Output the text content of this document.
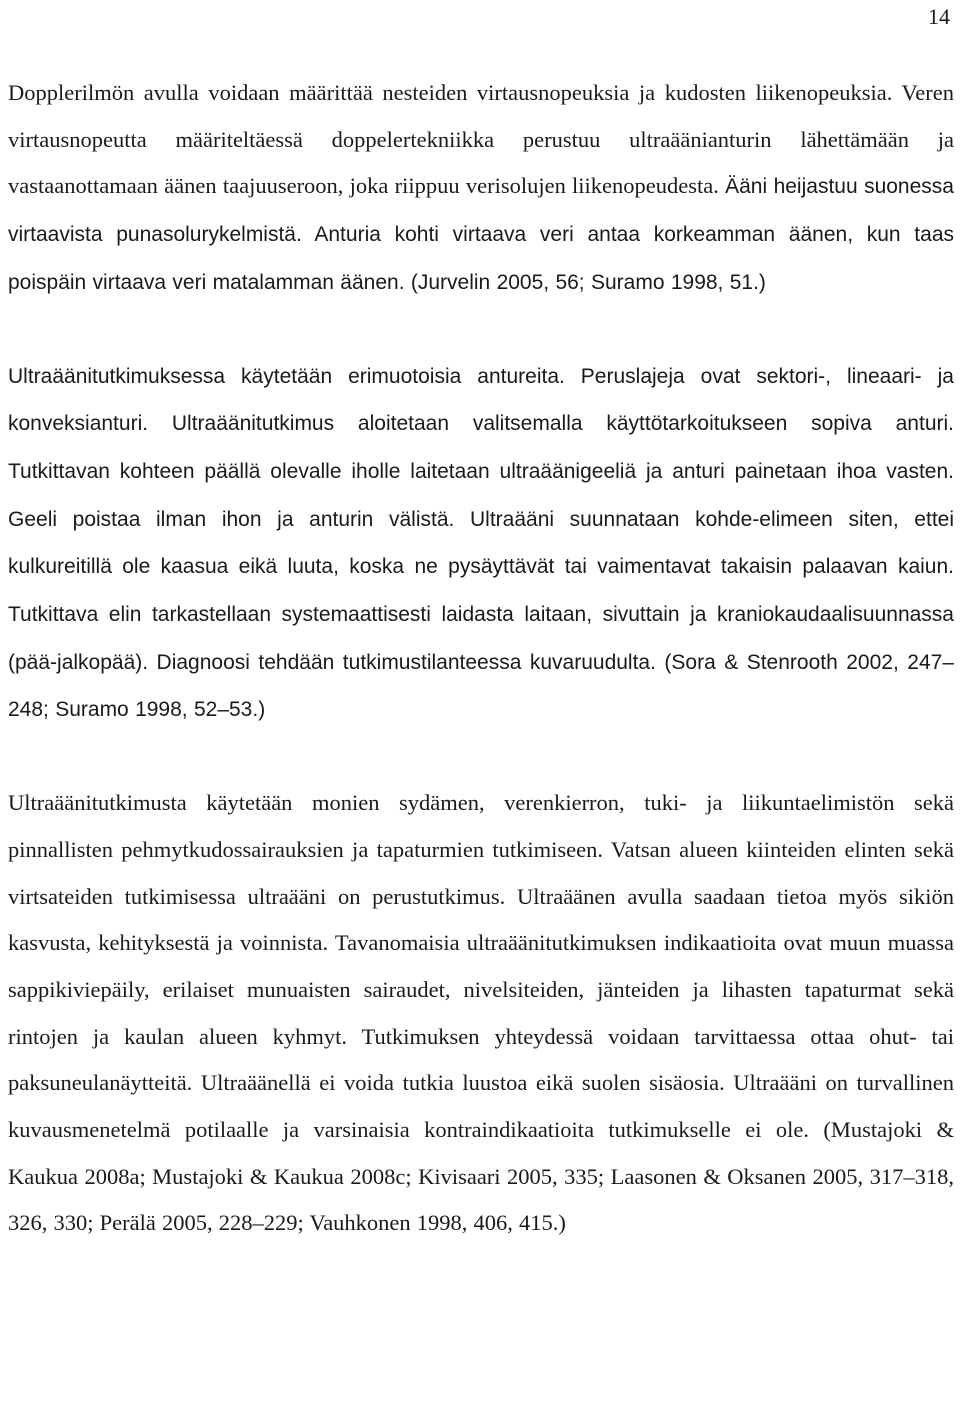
14

Dopplerilmön avulla voidaan määrittää nesteiden virtausnopeuksia ja kudosten liikenopeuksia. Veren virtausnopeutta määriteltäessä doppelertekniikka perustuu ultraäänianturin lähettämään ja vastaanottamaan äänen taajuuseroon, joka riippuu verisolujen liikenopeudesta. Ääni heijastuu suonessa virtaavista punasolurykelmistä. Anturia kohti virtaava veri antaa korkeamman äänen, kun taas poispäin virtaava veri matalamman äänen. (Jurvelin 2005, 56; Suramo 1998, 51.)

Ultraäänitutkimuksessa käytetään erimuotoisia antureita. Peruslajeja ovat sektori-, lineaari- ja konveksianturi. Ultraäänitutkimus aloitetaan valitsemalla käyttötarkoitukseen sopiva anturi. Tutkittavan kohteen päällä olevalle iholle laitetaan ultraäänigeeliä ja anturi painetaan ihoa vasten. Geeli poistaa ilman ihon ja anturin välistä. Ultraääni suunnataan kohde-elimeen siten, ettei kulkureitillä ole kaasua eikä luuta, koska ne pysäyttävät tai vaimentavat takaisin palaavan kaiun. Tutkittava elin tarkastellaan systemaattisesti laidasta laitaan, sivuttain ja kraniokaudaalisuunnassa (pää-jalkopää). Diagnoosi tehdään tutkimustilanteessa kuvaruudulta. (Sora & Stenrooth 2002, 247–248; Suramo 1998, 52–53.)

Ultraäänitutkimusta käytetään monien sydämen, verenkierron, tuki- ja liikuntaelimistön sekä pinnallisten pehmytkudossairauksien ja tapaturmien tutkimiseen. Vatsan alueen kiinteiden elinten sekä virtsateiden tutkimisessa ultraääni on perustutkimus. Ultraäänen avulla saadaan tietoa myös sikiön kasvusta, kehityksestä ja voinnista. Tavanomaisia ultraäänitutkimuksen indikaatioita ovat muun muassa sappikiviepäily, erilaiset munuaisten sairaudet, nivelsiteiden, jänteiden ja lihasten tapaturmat sekä rintojen ja kaulan alueen kyhmyt. Tutkimuksen yhteydessä voidaan tarvittaessa ottaa ohut- tai paksuneulanäytteitä. Ultraäänellä ei voida tutkia luustoa eikä suolen sisäosia. Ultraääni on turvallinen kuvausmenetelmä potilaalle ja varsinaisia kontraindikaatioita tutkimukselle ei ole. (Mustajoki & Kaukua 2008a; Mustajoki & Kaukua 2008c; Kivisaari 2005, 335; Laasonen & Oksanen 2005, 317–318, 326, 330; Perälä 2005, 228–229; Vauhkonen 1998, 406, 415.)
